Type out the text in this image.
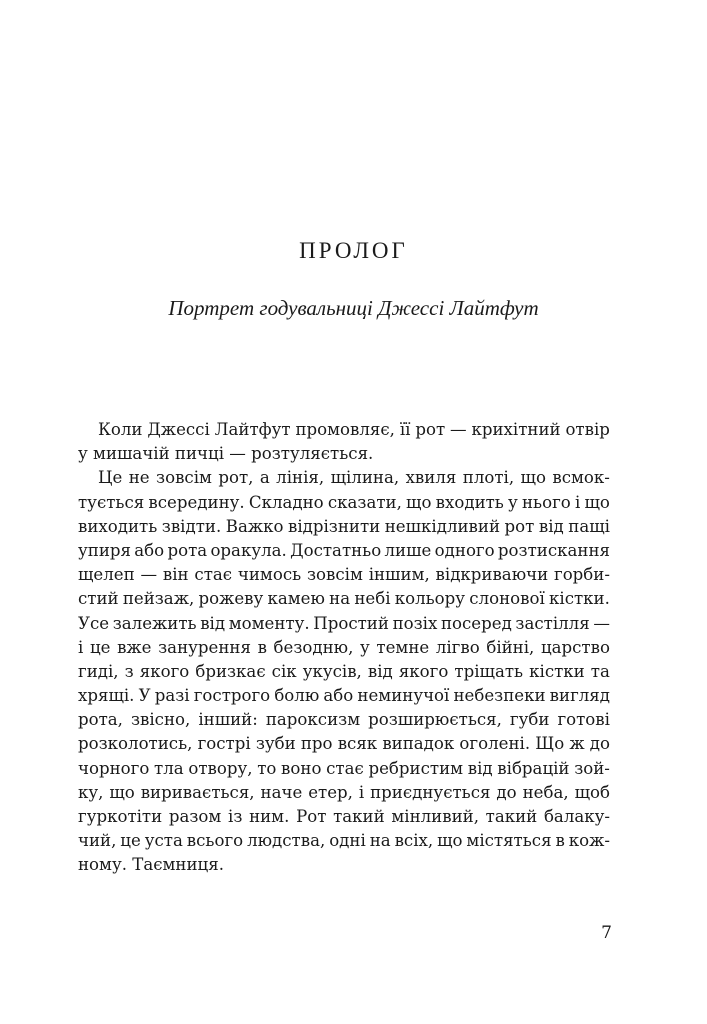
ПРОЛОГ
Портрет годувальниці Джессі Лайтфут
Коли Джессі Лайтфут промовляє, її рот — крихітний отвір
у мишачій пичці — розтуляється.
Це не зовсім рот, а лінія, щілина, хвиля плоті, що всмок-
тується всередину. Складно сказати, що входить у нього і що
виходить звідти. Важко відрізнити нешкідливий рот від пащі
упиря або рота оракула. Достатньо лише одного розтискання
щелеп — він стає чимось зовсім іншим, відкриваючи горби-
стий пейзаж, рожеву камею на небі кольору слонової кістки.
Усе залежить від моменту. Простий позіх посеред застілля —
і це вже занурення в безодню, у темне лігво бійні, царство
гиді, з якого бризкає сік укусів, від якого тріщать кістки та
хрящі. У разі гострого болю або неминучої небезпеки вигляд
рота, звісно, інший: пароксизм розширюється, губи готові
розколотись, гострі зуби про всяк випадок оголені. Що ж до
чорного тла отвору, то воно стає ребристим від вібрацій зой-
ку, що виривається, наче етер, і приєднується до неба, щоб
гуркотіти разом із ним. Рот такий мінливий, такий балаку-
чий, це уста всього людства, одні на всіх, що містяться в кож-
ному. Таємниця.
7
